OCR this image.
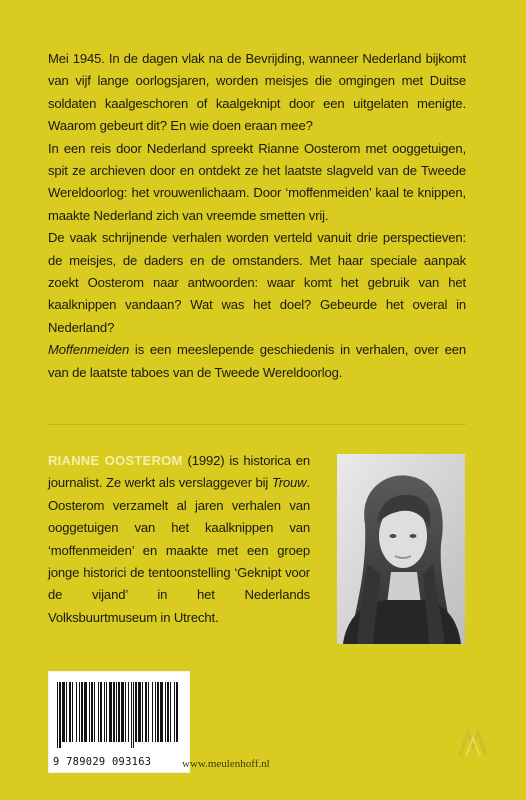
Mei 1945. In de dagen vlak na de Bevrijding, wanneer Nederland bijkomt van vijf lange oorlogsjaren, worden meisjes die omgingen met Duitse soldaten kaalgeschoren of kaalgeknipt door een uitgelaten menigte. Waarom gebeurt dit? En wie doen eraan mee?

In een reis door Nederland spreekt Rianne Oosterom met ooggetuigen, spit ze archieven door en ontdekt ze het laatste slagveld van de Tweede Wereldoorlog: het vrouwenlichaam. Door ‘moffenmeiden’ kaal te knippen, maakte Nederland zich van vreemde smetten vrij.

De vaak schrijnende verhalen worden verteld vanuit drie perspectieven: de meisjes, de daders en de omstanders. Met haar speciale aanpak zoekt Oosterom naar antwoorden: waar komt het gebruik van het kaalknippen vandaan? Wat was het doel? Gebeurde het overal in Nederland?

Moffenmeiden is een meeslepende geschiedenis in verhalen, over een van de laatste taboes van de Tweede Wereldoorlog.

RIANNE OOSTEROM (1992) is historica en journalist. Ze werkt als verslaggever bij Trouw. Oosterom verzamelt al jaren verhalen van ooggetuigen van het kaalknippen van ‘moffenmeiden’ en maakte met een groep jonge historici de tentoonstelling ‘Geknipt voor de vijand’ in het Nederlands Volksbuurtmuseum in Utrecht.
9 789029 093163	www.meulenhoff.nl
